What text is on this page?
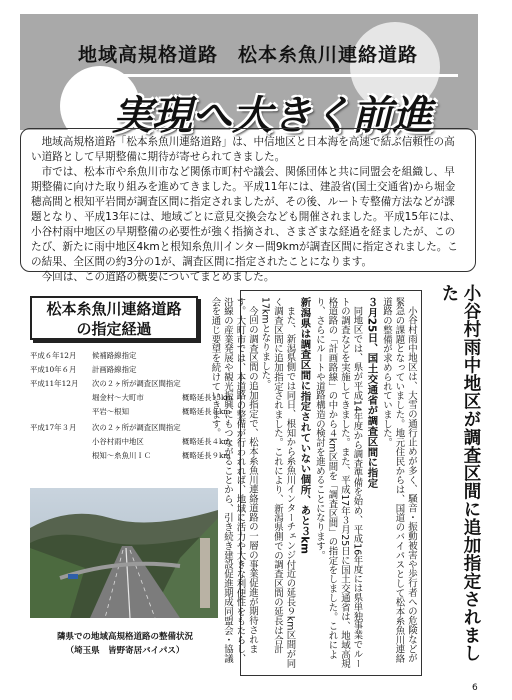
地域高規格道路　松本糸魚川連絡道路
実現へ大きく前進

地域高規格道路「松本糸魚川連絡道路」は、中信地区と日本海を高速で結ぶ信頼性の高い道路として早期整備に期待が寄せられてきました。

市では、松本市や糸魚川市など関係市町村や議会、関係団体と共に同盟会を組織し、早期整備に向けた取り組みを進めてきました。平成11年には、建設省(国土交通省)から堀金穂高間と根知平岩間が調査区間に指定されましたが、その後、ルート专整備方法などが課題となり、平成13年には、地域ごとに意見交換会なども開催されました。平成15年には、小谷村雨中地区の早期整備の必要性が強く指摘され、さまざまな経過を経ましたが、このたび、新たに雨中地区4kmと根知糸魚川インター間9kmが調査区間に指定されました。この結果、全区間の約3分の1が、調査区間に指定されたことになります。

今回は、この道路の概要についてまとめました。

松本糸魚川連絡道路
の指定経過
平成６年12月 候補路線指定
平成10年６月 計画路線指定
平成11年12月 次の２ヶ所が調査区間指定
堀金村～大町市	概略延長15km
平岩～根知	概略延長８km
平成17年３月 次の２ヶ所が調査区間指定
小谷村雨中地区	概略延長４km
根知～糸魚川ＩＣ	概略延長９km
隣県での地域高規格道路の整備状況
（埼玉県　皆野寄居バイパス）	小谷村雨中地区は、大雪の通行止めが多く、騒音・振動被害や歩行者への危険などが緊急の課題となっていました。地元住民からは、国道のバイパスとして松本糸魚川連絡道路の整備が求められていました。

３月25日、国土交通省が調査区間に指定

同地区では、県が平成14年度から調査準備を始め、平成16年度には県単独事業でルートの調査などを実施してきました。また、平成17年３月25日に国土交通省は、地域高規格道路の「計画路線」の中から４km区間を「調査区間」の指定をしました。これにより、さらにルートや道路構造の検討を進めることになります。

新潟県は調査区間に指定されていない個所、あと３km

また、新潟県側では同日、根知から糸魚川インターチェンジ付近の延長９km区間が同く調査区間に追加指定されました。これにより、新潟県側での調査区間の延長は合計17kmとなりました。

今回の調査区間の追加指定で、松本糸魚川連絡道路の一層の事業促進が期待されます。大町市では、本道路の整備が行われれば、地域に活力や大きな利便性をもたらし、沿線の産業発展や観光振興にもつながることから、引き続き建設促進期成同盟会・協議会を通じ要望を続けていきます。	小谷村雨中地区が調査区間に追加指定されました
6
